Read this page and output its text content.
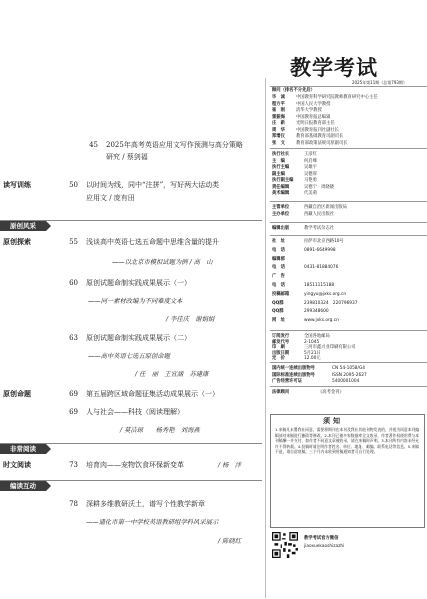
45 2025年高考英语应用文写作预测与高分策略
研究 / 蔡剑福
读写训练	50 以时间为线，同中“注拼”，写好两大话动类
应用文 / 庞有田
原创风采
原创探索	55 浅谈高中英语七选五命题中思维含量的提升
——以北京市模拟试题为例 / 高　山
60 原创试题命制实践成果展示（一）
——同一素材改编为不同难度文本
/ 李佳庆　谢娟娟
63 原创试题命制实践成果展示（二）
——高中英语七选五原创命题
/ 任　丽　王宜涵　苏建康
原创命题	69 第五届跨区域命题征集活动成果展示（一）
69 人与社会——科技（阅读理解）
/ 莫洁琼　　杨秀艳　刘海燕
非常阅读
时文阅读	73 培育肉——宠物饮食环保新变革	/ 杨　洋
编读互动
78 深耕多维教研沃土，谱写个性教学新章
——通化市第一中学校英语教研组学科风采展示
/ 陈晓红
教学考试
2025年第11期（总第793期）
顾问（排名不分先后）
毕　诚	中国教育科学研究院教师教育研究中心主任
程方平	中国人民大学教授
崔　刚	清华大学教授
雷振海	中国教育报总编辑
庄　新	光明日报教育部主任
周　华	中国教育报刊社副社长
郑增仪	教育部基础教育司副司长
张　文	教育部政策法规司原副司长
执行社长	王彦红
主　编	何启峰
执行主编	吴雄宇
副主编	吴德厚
执行副主编 马艳勇
责任编辑	吴德宁　周晓晓
美术编辑	代美萌
主管单位	西藏自治区新闻出版局
主办单位	西藏人民出版社
编辑出版	教学考试杂志社
社　址	拉萨市北京西路10号
电　话	0891-6649998
编辑部
电　话	0431-81884076
广　告
电　话	18511115188
投稿邮箱	yingyu@jxks.org.cn
QQ群	239810324　220796937
QQ群	299348600
网　址	www.jxks.org.cn
订阅发行	全国各地邮局
邮发代号	2-1045
印　刷	三河市鑫兴业印刷有限公司
出版日期	5月21日
定　价	12.00元
国内统一连续出版物号	CN 54-1058/G4
国际标准连续出版物号	ISSN 2095-2627
广告经营许可证	5400001004
法律顾问	《高考金刊》
须知
1.来稿凡未署我社同意，需要将期刊在本刊及我社其他刊物发表的，并视为同意本刊编辑部对来稿进行删改等修改。2.本刊已被多家数据库全文收录，作者著作权使用费与本刊稿酬一并支付，如作者不同意文章被收录，请在来稿时声明。3.本刊所有内容未经允许不得转载。4.投稿时请注明作者姓名、单位、地址、邮编、联系电话等信息。5.来稿不退，请自留底稿，三个月内未收到用稿通知者可自行处理。
教学考试官方微信
jiaoxuekaoshizazhi
